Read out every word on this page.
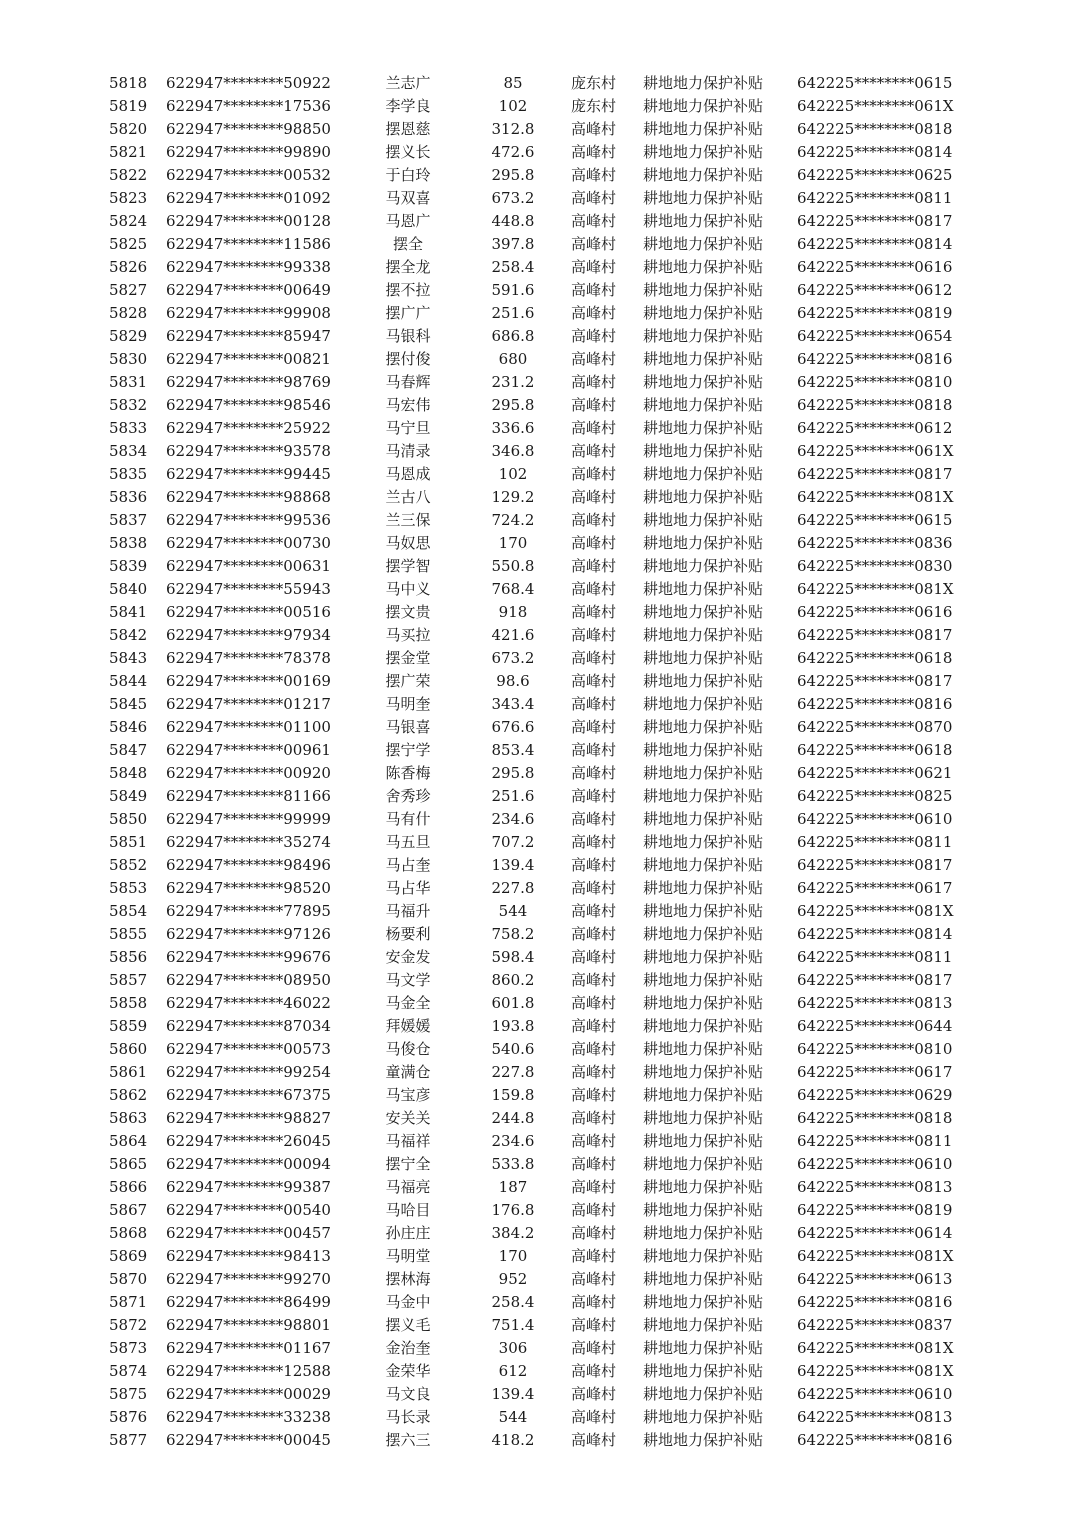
5818 622947********50922	兰志广	85	庞东村 耕地地力保护补贴 642225********0615
5819 622947********17536	李学良	102	庞东村 耕地地力保护补贴 642225********061X
5820 622947********98850	摆恩慈	312.8	高峰村 耕地地力保护补贴 642225********0818
5821 622947********99890	摆义长	472.6	高峰村 耕地地力保护补贴 642225********0814
5822 622947********00532	于白玲	295.8	高峰村 耕地地力保护补贴 642225********0625
5823 622947********01092	马双喜	673.2	高峰村 耕地地力保护补贴 642225********0811
5824 622947********00128	马恩广	448.8	高峰村 耕地地力保护补贴 642225********0817
5825 622947********11586	摆全	397.8	高峰村 耕地地力保护补贴 642225********0814
5826 622947********99338	摆全龙	258.4	高峰村 耕地地力保护补贴 642225********0616
5827 622947********00649	摆不拉	591.6	高峰村 耕地地力保护补贴 642225********0612
5828 622947********99908	摆广广	251.6	高峰村 耕地地力保护补贴 642225********0819
5829 622947********85947	马银科	686.8	高峰村 耕地地力保护补贴 642225********0654
5830 622947********00821	摆付俊	680	高峰村 耕地地力保护补贴 642225********0816
5831 622947********98769	马春辉	231.2	高峰村 耕地地力保护补贴 642225********0810
5832 622947********98546	马宏伟	295.8	高峰村 耕地地力保护补贴 642225********0818
5833 622947********25922	马宁旦	336.6	高峰村 耕地地力保护补贴 642225********0612
5834 622947********93578	马清录	346.8	高峰村 耕地地力保护补贴 642225********061X
5835 622947********99445	马恩成	102	高峰村 耕地地力保护补贴 642225********0817
5836 622947********98868	兰古八	129.2	高峰村 耕地地力保护补贴 642225********081X
5837 622947********99536	兰三保	724.2	高峰村 耕地地力保护补贴 642225********0615
5838 622947********00730	马奴思	170	高峰村 耕地地力保护补贴 642225********0836
5839 622947********00631	摆学智	550.8	高峰村 耕地地力保护补贴 642225********0830
5840 622947********55943	马中义	768.4	高峰村 耕地地力保护补贴 642225********081X
5841 622947********00516	摆文贵	918	高峰村 耕地地力保护补贴 642225********0616
5842 622947********97934	马买拉	421.6	高峰村 耕地地力保护补贴 642225********0817
5843 622947********78378	摆金堂	673.2	高峰村 耕地地力保护补贴 642225********0618
5844 622947********00169	摆广荣	98.6	高峰村 耕地地力保护补贴 642225********0817
5845 622947********01217	马明奎	343.4	高峰村 耕地地力保护补贴 642225********0816
5846 622947********01100	马银喜	676.6	高峰村 耕地地力保护补贴 642225********0870
5847 622947********00961	摆宁学	853.4	高峰村 耕地地力保护补贴 642225********0618
5848 622947********00920	陈香梅	295.8	高峰村 耕地地力保护补贴 642225********0621
5849 622947********81166	舍秀珍	251.6	高峰村 耕地地力保护补贴 642225********0825
5850 622947********99999	马有什	234.6	高峰村 耕地地力保护补贴 642225********0610
5851 622947********35274	马五旦	707.2	高峰村 耕地地力保护补贴 642225********0811
5852 622947********98496	马占奎	139.4	高峰村 耕地地力保护补贴 642225********0817
5853 622947********98520	马占华	227.8	高峰村 耕地地力保护补贴 642225********0617
5854 622947********77895	马福升	544	高峰村 耕地地力保护补贴 642225********081X
5855 622947********97126	杨要利	758.2	高峰村 耕地地力保护补贴 642225********0814
5856 622947********99676	安金发	598.4	高峰村 耕地地力保护补贴 642225********0811
5857 622947********08950	马文学	860.2	高峰村 耕地地力保护补贴 642225********0817
5858 622947********46022	马金全	601.8	高峰村 耕地地力保护补贴 642225********0813
5859 622947********87034	拜媛媛	193.8	高峰村 耕地地力保护补贴 642225********0644
5860 622947********00573	马俊仓	540.6	高峰村 耕地地力保护补贴 642225********0810
5861 622947********99254	童满仓	227.8	高峰村 耕地地力保护补贴 642225********0617
5862 622947********67375	马宝彦	159.8	高峰村 耕地地力保护补贴 642225********0629
5863 622947********98827	安关关	244.8	高峰村 耕地地力保护补贴 642225********0818
5864 622947********26045	马福祥	234.6	高峰村 耕地地力保护补贴 642225********0811
5865 622947********00094	摆宁全	533.8	高峰村 耕地地力保护补贴 642225********0610
5866 622947********99387	马福亮	187	高峰村 耕地地力保护补贴 642225********0813
5867 622947********00540	马哈目	176.8	高峰村 耕地地力保护补贴 642225********0819
5868 622947********00457	孙庄庄	384.2	高峰村 耕地地力保护补贴 642225********0614
5869 622947********98413	马明堂	170	高峰村 耕地地力保护补贴 642225********081X
5870 622947********99270	摆林海	952	高峰村 耕地地力保护补贴 642225********0613
5871 622947********86499	马金中	258.4	高峰村 耕地地力保护补贴 642225********0816
5872 622947********98801	摆义毛	751.4	高峰村 耕地地力保护补贴 642225********0837
5873 622947********01167	金治奎	306	高峰村 耕地地力保护补贴 642225********081X
5874 622947********12588	金荣华	612	高峰村 耕地地力保护补贴 642225********081X
5875 622947********00029	马文良	139.4	高峰村 耕地地力保护补贴 642225********0610
5876 622947********33238	马长录	544	高峰村 耕地地力保护补贴 642225********0813
5877 622947********00045	摆六三	418.2	高峰村 耕地地力保护补贴 642225********0816
